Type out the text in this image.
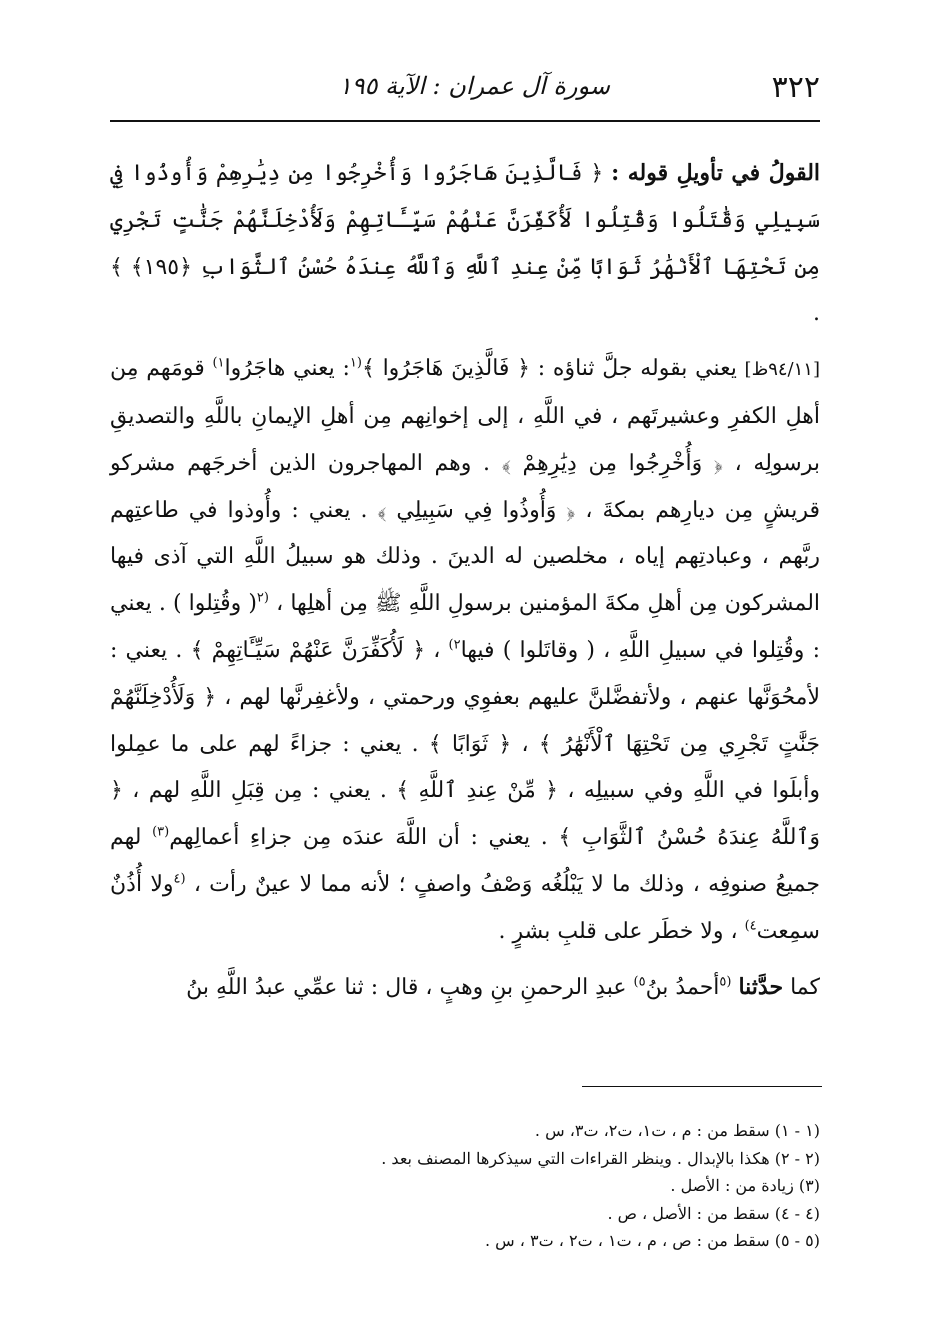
٣٢٢
سورة آل عمران : الآية ١٩٥

القولُ في تأويلِ قوله : ﴿ فَالَّذِينَ هَاجَرُوا وَأُخْرِجُوا مِن دِيَٰرِهِمْ وَأُوذُوا فِي سَبِيلِي وَقَٰتَلُوا وَقُتِلُوا لَأُكَفِّرَنَّ عَنْهُمْ سَيِّـَٔاتِهِمْ وَلَأُدْخِلَنَّهُمْ جَنَّٰتٍ تَجْرِي مِن تَحْتِهَا ٱلْأَنْهَٰرُ ثَوَابًا مِّنْ عِندِ ٱللَّهِ وَٱللَّهُ عِندَهُ حُسْنُ ٱلثَّوَابِ ﴿١٩٥﴾ ﴾ .

[٩٤/١١ظ] يعني بقوله جلَّ ثناؤه : ﴿ فَالَّذِينَ هَاجَرُوا ﴾$^{(١}$: يعني هاجَرُوا$^{١)}$ قومَهم مِن أهلِ الكفرِ وعشيرتَهم ، في اللَّهِ ، إلى إخوانِهم مِن أهلِ الإيمانِ باللَّهِ والتصديقِ برسولِه ، ﴿ وَأُخْرِجُوا مِن دِيَٰرِهِمْ ﴾ . وهم المهاجرون الذين أخرجَهم مشركو قريشٍ مِن ديارِهم بمكةَ ، ﴿ وَأُوذُوا فِي سَبِيلِي ﴾ . يعني : وأُوذوا في طاعتِهم ربَّهم ، وعبادتِهم إياه ، مخلصين له الدينَ . وذلك هو سبيلُ اللَّهِ التي آذى فيها المشركون مِن أهلِ مكةَ المؤمنين برسولِ اللَّهِ ﷺ مِن أهلِها ، $^{(٢}$( وقُتِلوا ) . يعني : وقُتِلوا في سبيلِ اللَّهِ ، ( وقاتَلوا ) فيها$^{٢)}$ ، ﴿ لَأُكَفِّرَنَّ عَنْهُمْ سَيِّـَٔاتِهِمْ ﴾ . يعني : لأمحُوَنَّها عنهم ، ولأتفضَّلنَّ عليهم بعفوِي ورحمتي ، ولأغفِرنَّها لهم ، ﴿ وَلَأُدْخِلَنَّهُمْ جَنَّٰتٍ تَجْرِي مِن تَحْتِهَا ٱلْأَنْهَٰرُ ﴾ ، ﴿ ثَوَابًا ﴾ . يعني : جزاءً لهم على ما عمِلوا وأبلَوا في اللَّهِ وفي سبيلِه ، ﴿ مِّنْ عِندِ ٱللَّهِ ﴾ . يعني : مِن قِبَلِ اللَّهِ لهم ، ﴿ وَٱللَّهُ عِندَهُ حُسْنُ ٱلثَّوَابِ ﴾ . يعني : أن اللَّهَ عندَه مِن جزاءِ أعمالِهم$^{(٣)}$ لهم جميعُ صنوفِه ، وذلك ما لا يَبْلُغُه وَصْفُ واصفٍ ؛ لأنه مما لا عينٌ رأت ، $^{(٤}$ولا أُذُنٌ سمِعت$^{٤)}$ ، ولا خطَر على قلبِ بشرٍ .

كما حدَّثنا $^{(٥}$أحمدُ بنُ$^{٥)}$ عبدِ الرحمنِ بنِ وهبٍ ، قال : ثنا عمِّي عبدُ اللَّهِ بنُ

(١ - ١) سقط من : م ، ت١، ت٢، ت٣، س .

(٢ - ٢) هكذا بالإبدال . وينظر القراءات التي سيذكرها المصنف بعد .

(٣) زيادة من : الأصل .

(٤ - ٤) سقط من : الأصل ، ص .

(٥ - ٥) سقط من : ص ، م ، ت١ ، ت٢ ، ت٣ ، س .
